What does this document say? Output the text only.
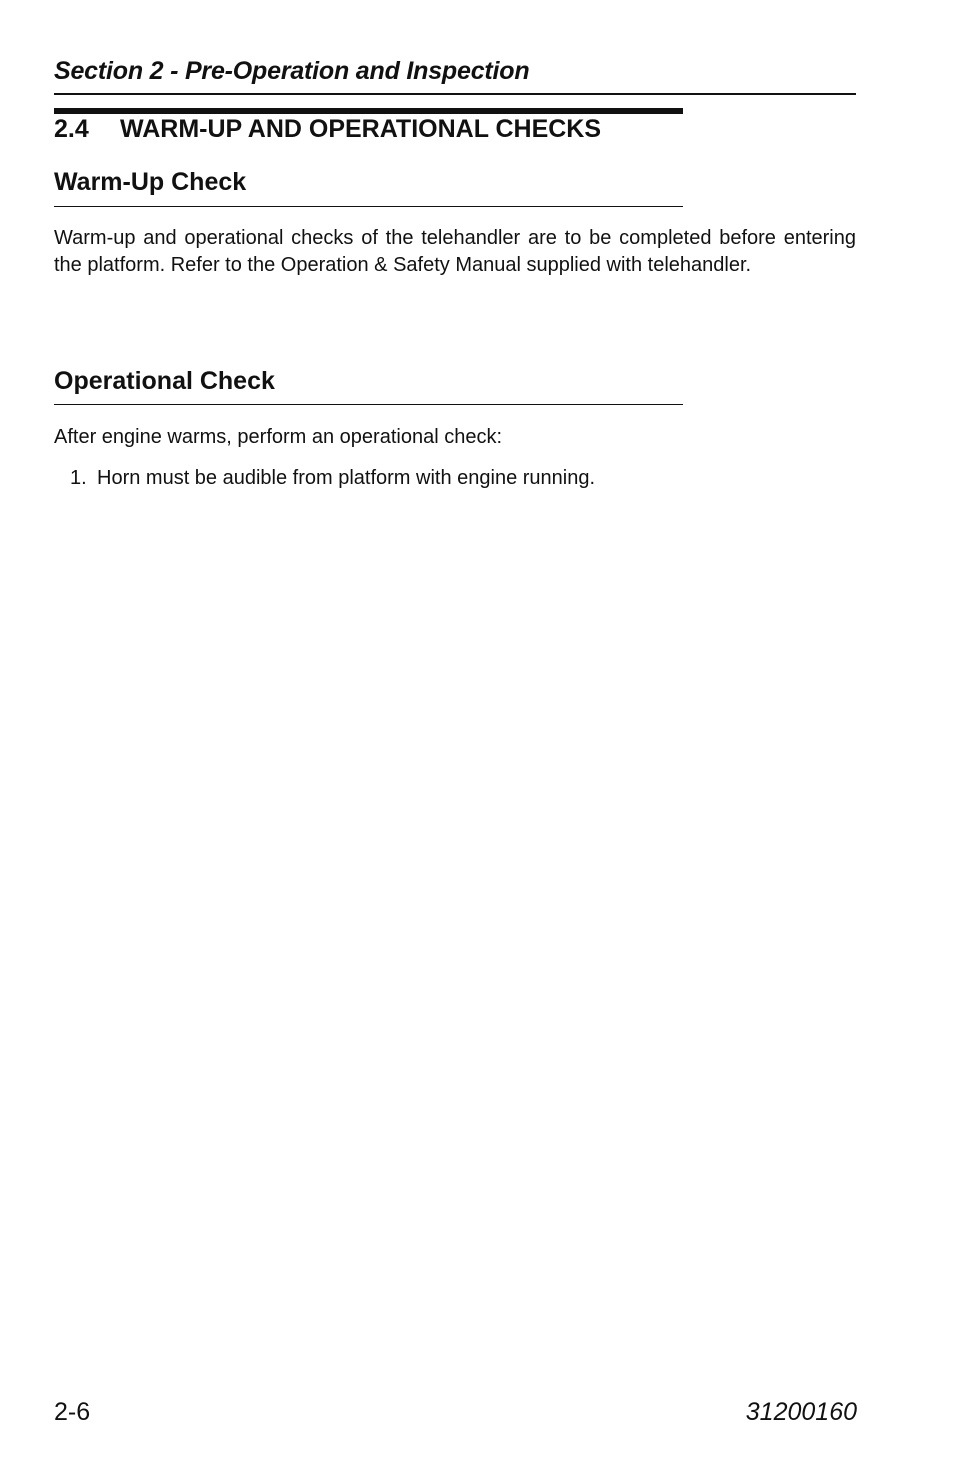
Section 2 - Pre-Operation and Inspection
2.4 WARM-UP AND OPERATIONAL CHECKS
Warm-Up Check

Warm-up and operational checks of the telehandler are to be completed before entering the platform. Refer to the Operation & Safety Manual supplied with telehandler.

Operational Check

After engine warms, perform an operational check:

1. Horn must be audible from platform with engine running.
2-6	31200160
